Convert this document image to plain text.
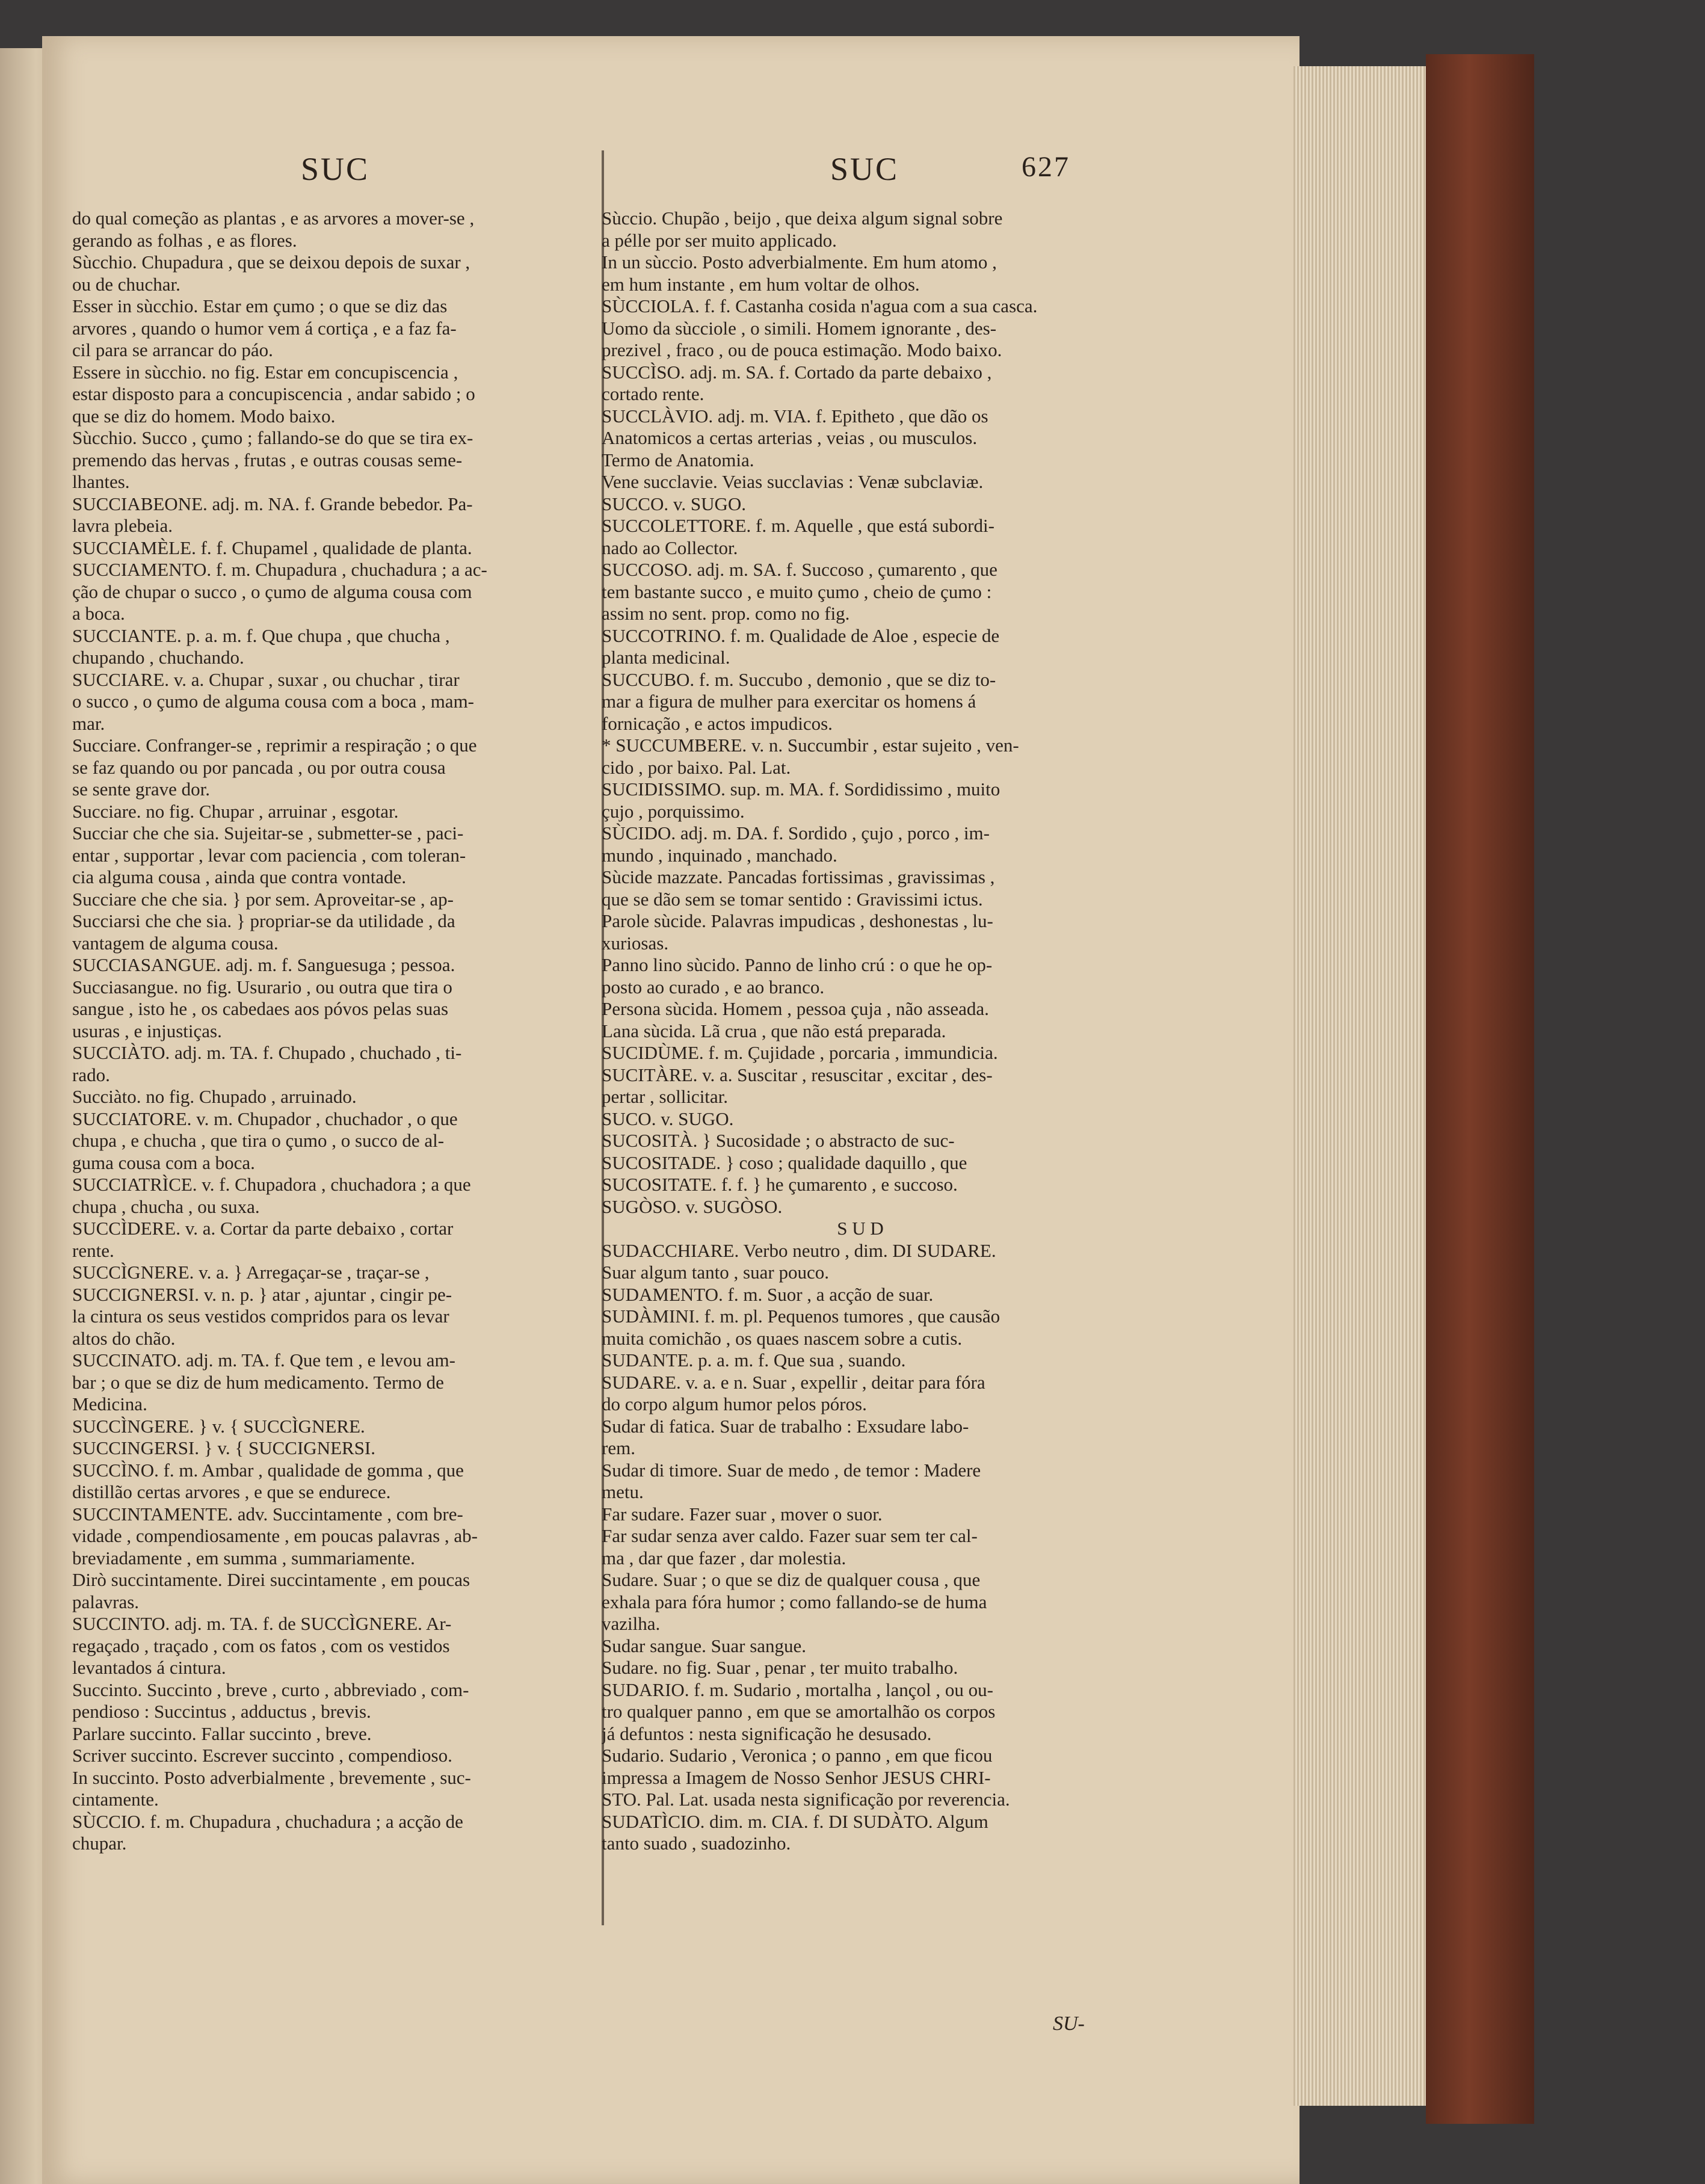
SUC	SUC	627
do qual começão as plantas , e as arvores a mover-se ,
gerando as folhas , e as flores.
Sùcchio. Chupadura , que se deixou depois de suxar ,
ou de chuchar.
Esser in sùcchio. Estar em çumo ; o que se diz das
arvores , quando o humor vem á cortiça , e a faz fa-
cil para se arrancar do páo.
Essere in sùcchio. no fig. Estar em concupiscencia ,
estar disposto para a concupiscencia , andar sabido ; o
que se diz do homem. Modo baixo.
Sùcchio. Succo , çumo ; fallando-se do que se tira ex-
premendo das hervas , frutas , e outras cousas seme-
lhantes.
SUCCIABEONE. adj. m. NA. f. Grande bebedor. Pa-
lavra plebeia.
SUCCIAMÈLE. f. f. Chupamel , qualidade de planta.
SUCCIAMENTO. f. m. Chupadura , chuchadura ; a ac-
ção de chupar o succo , o çumo de alguma cousa com
a boca.
SUCCIANTE. p. a. m. f. Que chupa , que chucha ,
chupando , chuchando.
SUCCIARE. v. a. Chupar , suxar , ou chuchar , tirar
o succo , o çumo de alguma cousa com a boca , mam-
mar.
Succiare. Confranger-se , reprimir a respiração ; o que
se faz quando ou por pancada , ou por outra cousa
se sente grave dor.
Succiare. no fig. Chupar , arruinar , esgotar.
Succiar che che sia. Sujeitar-se , submetter-se , paci-
entar , supportar , levar com paciencia , com toleran-
cia alguma cousa , ainda que contra vontade.
Succiare che che sia. } por sem. Aproveitar-se , ap-
Succiarsi che che sia. } propriar-se da utilidade , da
vantagem de alguma cousa.
SUCCIASANGUE. adj. m. f. Sanguesuga ; pessoa.
Succiasangue. no fig. Usurario , ou outra que tira o
sangue , isto he , os cabedaes aos póvos pelas suas
usuras , e injustiças.
SUCCIÀTO. adj. m. TA. f. Chupado , chuchado , ti-
rado.
Succiàto. no fig. Chupado , arruinado.
SUCCIATORE. v. m. Chupador , chuchador , o que
chupa , e chucha , que tira o çumo , o succo de al-
guma cousa com a boca.
SUCCIATRÌCE. v. f. Chupadora , chuchadora ; a que
chupa , chucha , ou suxa.
SUCCÌDERE. v. a. Cortar da parte debaixo , cortar
rente.
SUCCÌGNERE. v. a. } Arregaçar-se , traçar-se ,
SUCCIGNERSI. v. n. p. } atar , ajuntar , cingir pe-
la cintura os seus vestidos compridos para os levar
altos do chão.
SUCCINATO. adj. m. TA. f. Que tem , e levou am-
bar ; o que se diz de hum medicamento. Termo de
Medicina.
SUCCÌNGERE. } v. { SUCCÌGNERE.
SUCCINGERSI. } v. { SUCCIGNERSI.
SUCCÌNO. f. m. Ambar , qualidade de gomma , que
distillão certas arvores , e que se endurece.
SUCCINTAMENTE. adv. Succintamente , com bre-
vidade , compendiosamente , em poucas palavras , ab-
breviadamente , em summa , summariamente.
Dirò succintamente. Direi succintamente , em poucas
palavras.
SUCCINTO. adj. m. TA. f. de SUCCÌGNERE. Ar-
regaçado , traçado , com os fatos , com os vestidos
levantados á cintura.
Succinto. Succinto , breve , curto , abbreviado , com-
pendioso : Succintus , adductus , brevis.
Parlare succinto. Fallar succinto , breve.
Scriver succinto. Escrever succinto , compendioso.
In succinto. Posto adverbialmente , brevemente , suc-
cintamente.
SÙCCIO. f. m. Chupadura , chuchadura ; a acção de
chupar.
Sùccio. Chupão , beijo , que deixa algum signal sobre
a pélle por ser muito applicado.
In un sùccio. Posto adverbialmente. Em hum atomo ,
em hum instante , em hum voltar de olhos.
SÙCCIOLA. f. f. Castanha cosida n'agua com a sua casca.
Uomo da sùcciole , o simili. Homem ignorante , des-
prezivel , fraco , ou de pouca estimação. Modo baixo.
SUCCÌSO. adj. m. SA. f. Cortado da parte debaixo ,
cortado rente.
SUCCLÀVIO. adj. m. VIA. f. Epitheto , que dão os
Anatomicos a certas arterias , veias , ou musculos.
Termo de Anatomia.
Vene succlavie. Veias succlavias : Venæ subclaviæ.
SUCCO. v. SUGO.
SUCCOLETTORE. f. m. Aquelle , que está subordi-
nado ao Collector.
SUCCOSO. adj. m. SA. f. Succoso , çumarento , que
tem bastante succo , e muito çumo , cheio de çumo :
assim no sent. prop. como no fig.
SUCCOTRINO. f. m. Qualidade de Aloe , especie de
planta medicinal.
SUCCUBO. f. m. Succubo , demonio , que se diz to-
mar a figura de mulher para exercitar os homens á
fornicação , e actos impudicos.
* SUCCUMBERE. v. n. Succumbir , estar sujeito , ven-
cido , por baixo. Pal. Lat.
SUCIDISSIMO. sup. m. MA. f. Sordidissimo , muito
çujo , porquissimo.
SÙCIDO. adj. m. DA. f. Sordido , çujo , porco , im-
mundo , inquinado , manchado.
Sùcide mazzate. Pancadas fortissimas , gravissimas ,
que se dão sem se tomar sentido : Gravissimi ictus.
Parole sùcide. Palavras impudicas , deshonestas , lu-
xuriosas.
Panno lino sùcido. Panno de linho crú : o que he op-
posto ao curado , e ao branco.
Persona sùcida. Homem , pessoa çuja , não asseada.
Lana sùcida. Lã crua , que não está preparada.
SUCIDÙME. f. m. Çujidade , porcaria , immundicia.
SUCITÀRE. v. a. Suscitar , resuscitar , excitar , des-
pertar , sollicitar.
SUCO. v. SUGO.
SUCOSITÀ. } Sucosidade ; o abstracto de suc-
SUCOSITADE. } coso ; qualidade daquillo , que
SUCOSITATE. f. f. } he çumarento , e succoso.
SUGÒSO. v. SUGÒSO.
S U D
SUDACCHIARE. Verbo neutro , dim. DI SUDARE.
Suar algum tanto , suar pouco.
SUDAMENTO. f. m. Suor , a acção de suar.
SUDÀMINI. f. m. pl. Pequenos tumores , que causão
muita comichão , os quaes nascem sobre a cutis.
SUDANTE. p. a. m. f. Que sua , suando.
SUDARE. v. a. e n. Suar , expellir , deitar para fóra
do corpo algum humor pelos póros.
Sudar di fatica. Suar de trabalho : Exsudare labo-
rem.
Sudar di timore. Suar de medo , de temor : Madere
metu.
Far sudare. Fazer suar , mover o suor.
Far sudar senza aver caldo. Fazer suar sem ter cal-
ma , dar que fazer , dar molestia.
Sudare. Suar ; o que se diz de qualquer cousa , que
exhala para fóra humor ; como fallando-se de huma
vazilha.
Sudar sangue. Suar sangue.
Sudare. no fig. Suar , penar , ter muito trabalho.
SUDARIO. f. m. Sudario , mortalha , lançol , ou ou-
tro qualquer panno , em que se amortalhão os corpos
já defuntos : nesta significação he desusado.
Sudario. Sudario , Veronica ; o panno , em que ficou
impressa a Imagem de Nosso Senhor JESUS CHRI-
STO. Pal. Lat. usada nesta significação por reverencia.
SUDATÌCIO. dim. m. CIA. f. DI SUDÀTO. Algum
tanto suado , suadozinho.
SU-
